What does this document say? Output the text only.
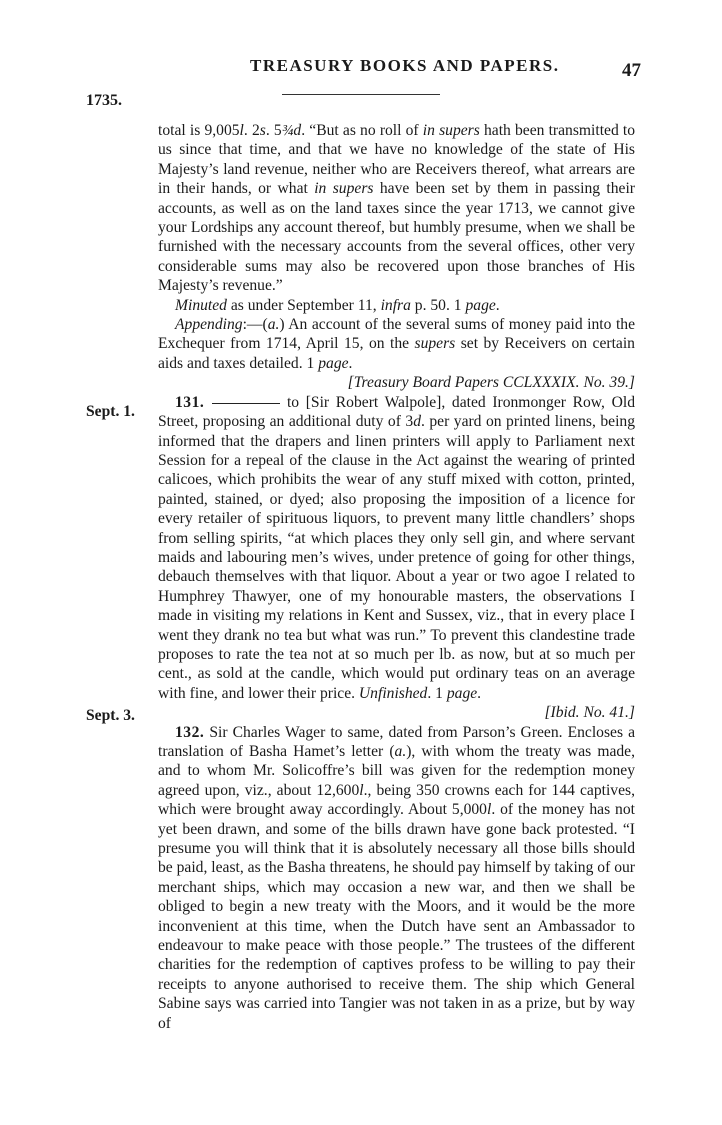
TREASURY BOOKS AND PAPERS.	47
1735.
Sept. 1.
Sept. 3.

total is 9,005l. 2s. 5¾d. “But as no roll of in supers hath been transmitted to us since that time, and that we have no knowledge of the state of His Majesty’s land revenue, neither who are Receivers thereof, what arrears are in their hands, or what in supers have been set by them in passing their accounts, as well as on the land taxes since the year 1713, we cannot give your Lordships any account thereof, but humbly presume, when we shall be furnished with the necessary accounts from the several offices, other very considerable sums may also be recovered upon those branches of His Majesty’s revenue.”

Minuted as under September 11, infra p. 50. 1 page.

Appending:—(a.) An account of the several sums of money paid into the Exchequer from 1714, April 15, on the supers set by Receivers on certain aids and taxes detailed. 1 page.

[Treasury Board Papers CCLXXXIX. No. 39.]

131.	to [Sir Robert Walpole], dated Ironmonger Row, Old Street, proposing an additional duty of 3d. per yard on printed linens, being informed that the drapers and linen printers will apply to Parliament next Session for a repeal of the clause in the Act against the wearing of printed calicoes, which prohibits the wear of any stuff mixed with cotton, printed, painted, stained, or dyed; also proposing the imposition of a licence for every retailer of spirituous liquors, to prevent many little chandlers’ shops from selling spirits, “at which places they only sell gin, and where servant maids and labouring men’s wives, under pretence of going for other things, debauch themselves with that liquor. About a year or two agoe I related to Humphrey Thawyer, one of my honourable masters, the observations I made in visiting my relations in Kent and Sussex, viz., that in every place I went they drank no tea but what was run.” To prevent this clandestine trade proposes to rate the tea not at so much per lb. as now, but at so much per cent., as sold at the candle, which would put ordinary teas on an average with fine, and lower their price. Unfinished. 1 page.

[Ibid. No. 41.]

132. Sir Charles Wager to same, dated from Parson’s Green. Encloses a translation of Basha Hamet’s letter (a.), with whom the treaty was made, and to whom Mr. Solicoffre’s bill was given for the redemption money agreed upon, viz., about 12,600l., being 350 crowns each for 144 captives, which were brought away accordingly. About 5,000l. of the money has not yet been drawn, and some of the bills drawn have gone back protested. “I presume you will think that it is absolutely necessary all those bills should be paid, least, as the Basha threatens, he should pay himself by taking of our merchant ships, which may occasion a new war, and then we shall be obliged to begin a new treaty with the Moors, and it would be the more inconvenient at this time, when the Dutch have sent an Ambassador to endeavour to make peace with those people.” The trustees of the different charities for the redemption of captives profess to be willing to pay their receipts to anyone authorised to receive them. The ship which General Sabine says was carried into Tangier was not taken in as a prize, but by way of
